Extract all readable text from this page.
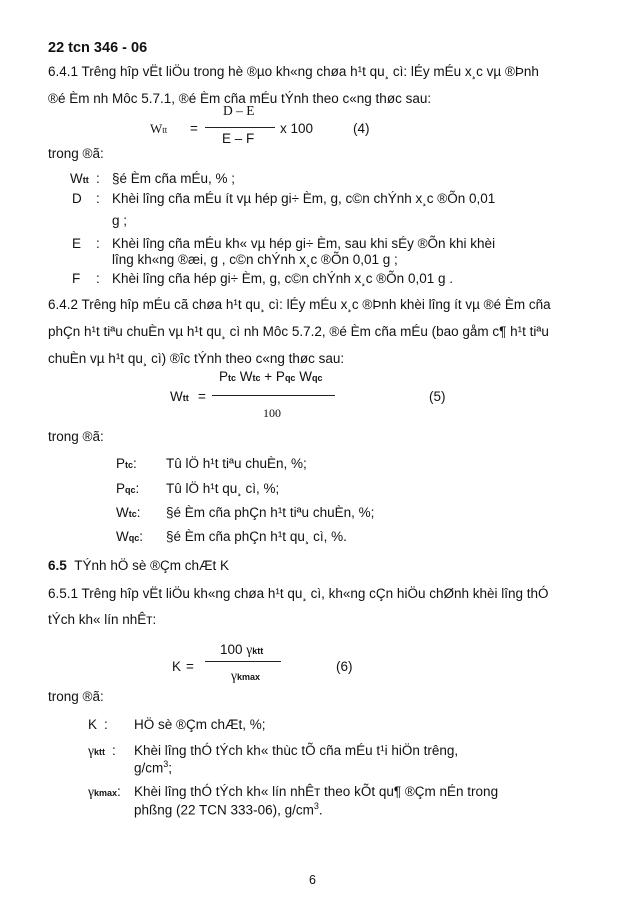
22 tcn 346 - 06
6.4.1 Trêng hîp vËt liÖu trong hè ®µo kh«ng chøa h¹t qu¸ cì: lÉy mÉu x¸c vµ ®Þnh
®é Èm nh Môc 5.7.1, ®é Èm cña mÉu tÝnh theo c«ng thøc sau:
Wtt =
D – E
E – F
x 100	(4)
trong ®ã:
Wtt : §é Èm cña mÉu, % ;
D : Khèi lîng cña mÉu ít vµ hép gi÷ Èm, g, c©n chÝnh x¸c ®Õn 0,01
g ;
E : Khèi lîng cña mÉu kh« vµ hép gi÷ Èm, sau khi sÉy ®Õn khi khèi
lîng kh«ng ®æi, g , c©n chÝnh x¸c ®Õn 0,01 g ;
F : Khèi lîng cña hép gi÷ Èm, g, c©n chÝnh x¸c ®Õn 0,01 g .
6.4.2 Trêng hîp mÉu cã chøa h¹t qu¸ cì: lÉy mÉu x¸c ®Þnh khèi lîng ít vµ ®é Èm cña
phÇn h¹t tiªu chuÈn vµ h¹t qu¸ cì nh Môc 5.7.2, ®é Èm cña mÉu (bao gåm c¶ h¹t tiªu
chuÈn vµ h¹t qu¸ cì) ®îc tÝnh theo c«ng thøc sau:
Wtt =
Ptc Wtc + Pqc Wqc
100
(5)
trong ®ã:
Ptc: Tû lÖ h¹t tiªu chuÈn, %;
Pqc: Tû lÖ h¹t qu¸ cì, %;
Wtc: §é Èm cña phÇn h¹t tiªu chuÈn, %;
Wqc: §é Èm cña phÇn h¹t qu¸ cì, %.
6.5 TÝnh hÖ sè ®Çm chÆt K
6.5.1 Trêng hîp vËt liÖu kh«ng chøa h¹t qu¸ cì, kh«ng cÇn hiÖu chØnh khèi lîng thÓ
tÝch kh« lín nhÊт:
K =
100 γktt
γkmax
(6)
trong ®ã:
K : HÖ sè ®Çm chÆt, %;
γktt : Khèi lîng thÓ tÝch kh« thùc tÕ cña mÉu t¹i hiÖn trêng,
$g/cm^3$;
γkmax: Khèi lîng thÓ tÝch kh« lín nhÊт theo kÕt qu¶ ®Çm nÉn trong
phßng (22 TCN 333-06), $g/cm^3$.
6
